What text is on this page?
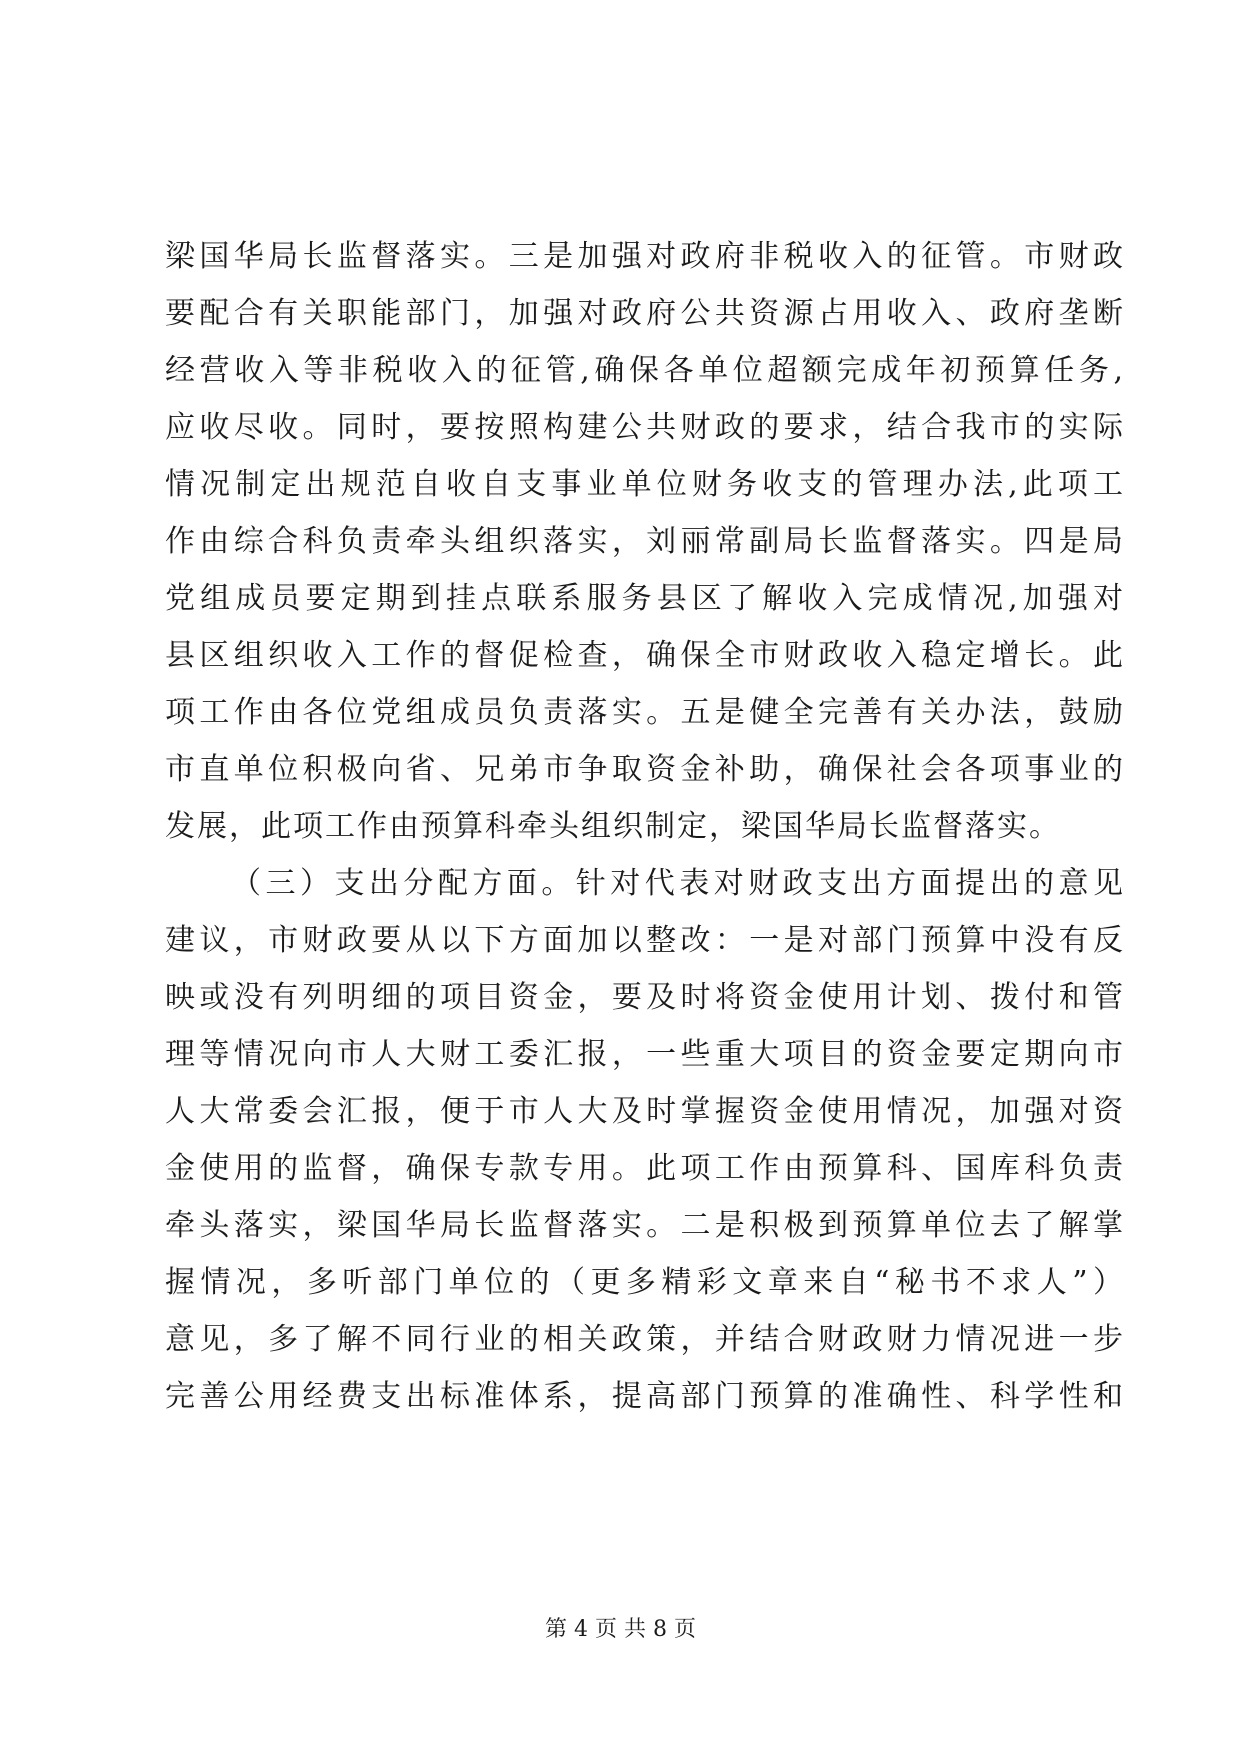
梁国华局长监督落实。三是加强对政府非税收入的征管。市财政
要配合有关职能部门，加强对政府公共资源占用收入、政府垄断
经营收入等非税收入的征管,确保各单位超额完成年初预算任务,
应收尽收。同时，要按照构建公共财政的要求，结合我市的实际
情况制定出规范自收自支事业单位财务收支的管理办法,此项工
作由综合科负责牵头组织落实，刘丽常副局长监督落实。四是局
党组成员要定期到挂点联系服务县区了解收入完成情况,加强对
县区组织收入工作的督促检查，确保全市财政收入稳定增长。此
项工作由各位党组成员负责落实。五是健全完善有关办法，鼓励
市直单位积极向省、兄弟市争取资金补助，确保社会各项事业的
发展，此项工作由预算科牵头组织制定，梁国华局长监督落实。
（三）支出分配方面。针对代表对财政支出方面提出的意见
建议，市财政要从以下方面加以整改：一是对部门预算中没有反
映或没有列明细的项目资金，要及时将资金使用计划、拨付和管
理等情况向市人大财工委汇报，一些重大项目的资金要定期向市
人大常委会汇报，便于市人大及时掌握资金使用情况，加强对资
金使用的监督，确保专款专用。此项工作由预算科、国库科负责
牵头落实，梁国华局长监督落实。二是积极到预算单位去了解掌
握情况，多听部门单位的（更多精彩文章来自“秘书不求人”）
意见，多了解不同行业的相关政策，并结合财政财力情况进一步
完善公用经费支出标准体系，提高部门预算的准确性、科学性和
第 4 页 共 8 页
